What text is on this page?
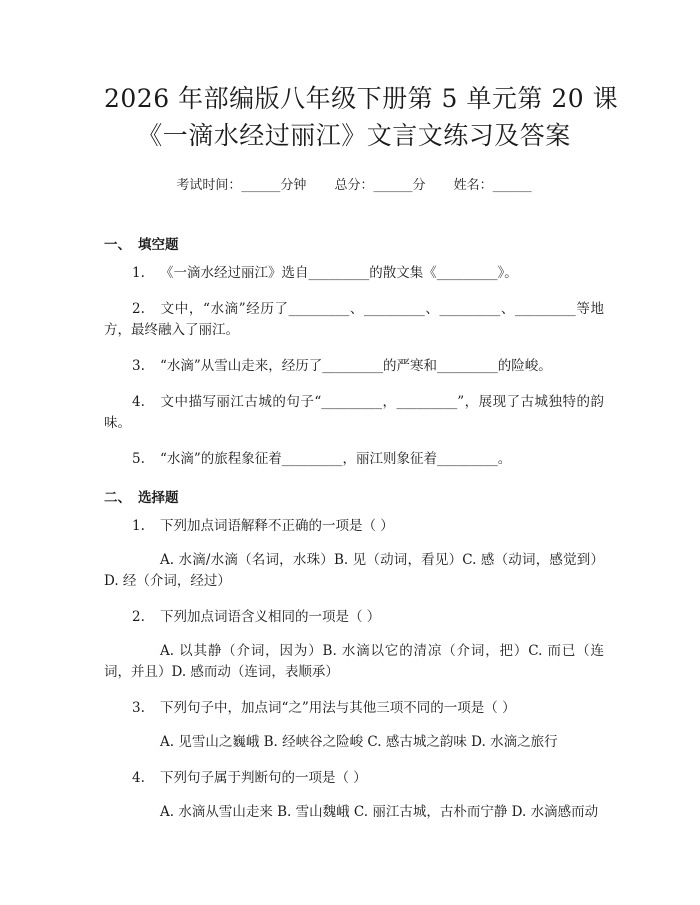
2026 年部编版八年级下册第 5 单元第 20 课
《一滴水经过丽江》文言文练习及答案
考试时间：______分钟 总分：______分 姓名：______
一、 填空题

1. 《一滴水经过丽江》选自_________的散文集《_________》。

2. 文中，“水滴”经历了_________、_________、_________、_________等地方，最终融入了丽江。

3. “水滴”从雪山走来，经历了_________的严寒和_________的险峻。

4. 文中描写丽江古城的句子“_________，_________”，展现了古城独特的韵味。

5. “水滴”的旅程象征着_________，丽江则象征着_________。

二、 选择题

1. 下列加点词语解释不正确的一项是（ ）

A. 水滴/水滴（名词，水珠）B. 见（动词，看见）C. 感（动词，感觉到）D. 经（介词，经过）

2. 下列加点词语含义相同的一项是（ ）

A. 以其静（介词，因为）B. 水滴以它的清凉（介词，把）C. 而已（连词，并且）D. 感而动（连词，表顺承）

3. 下列句子中，加点词“之”用法与其他三项不同的一项是（ ）

A. 见雪山之巍峨 B. 经峡谷之险峻 C. 感古城之韵味 D. 水滴之旅行

4. 下列句子属于判断句的一项是（ ）

A. 水滴从雪山走来 B. 雪山魏峨 C. 丽江古城，古朴而宁静 D. 水滴感而动
